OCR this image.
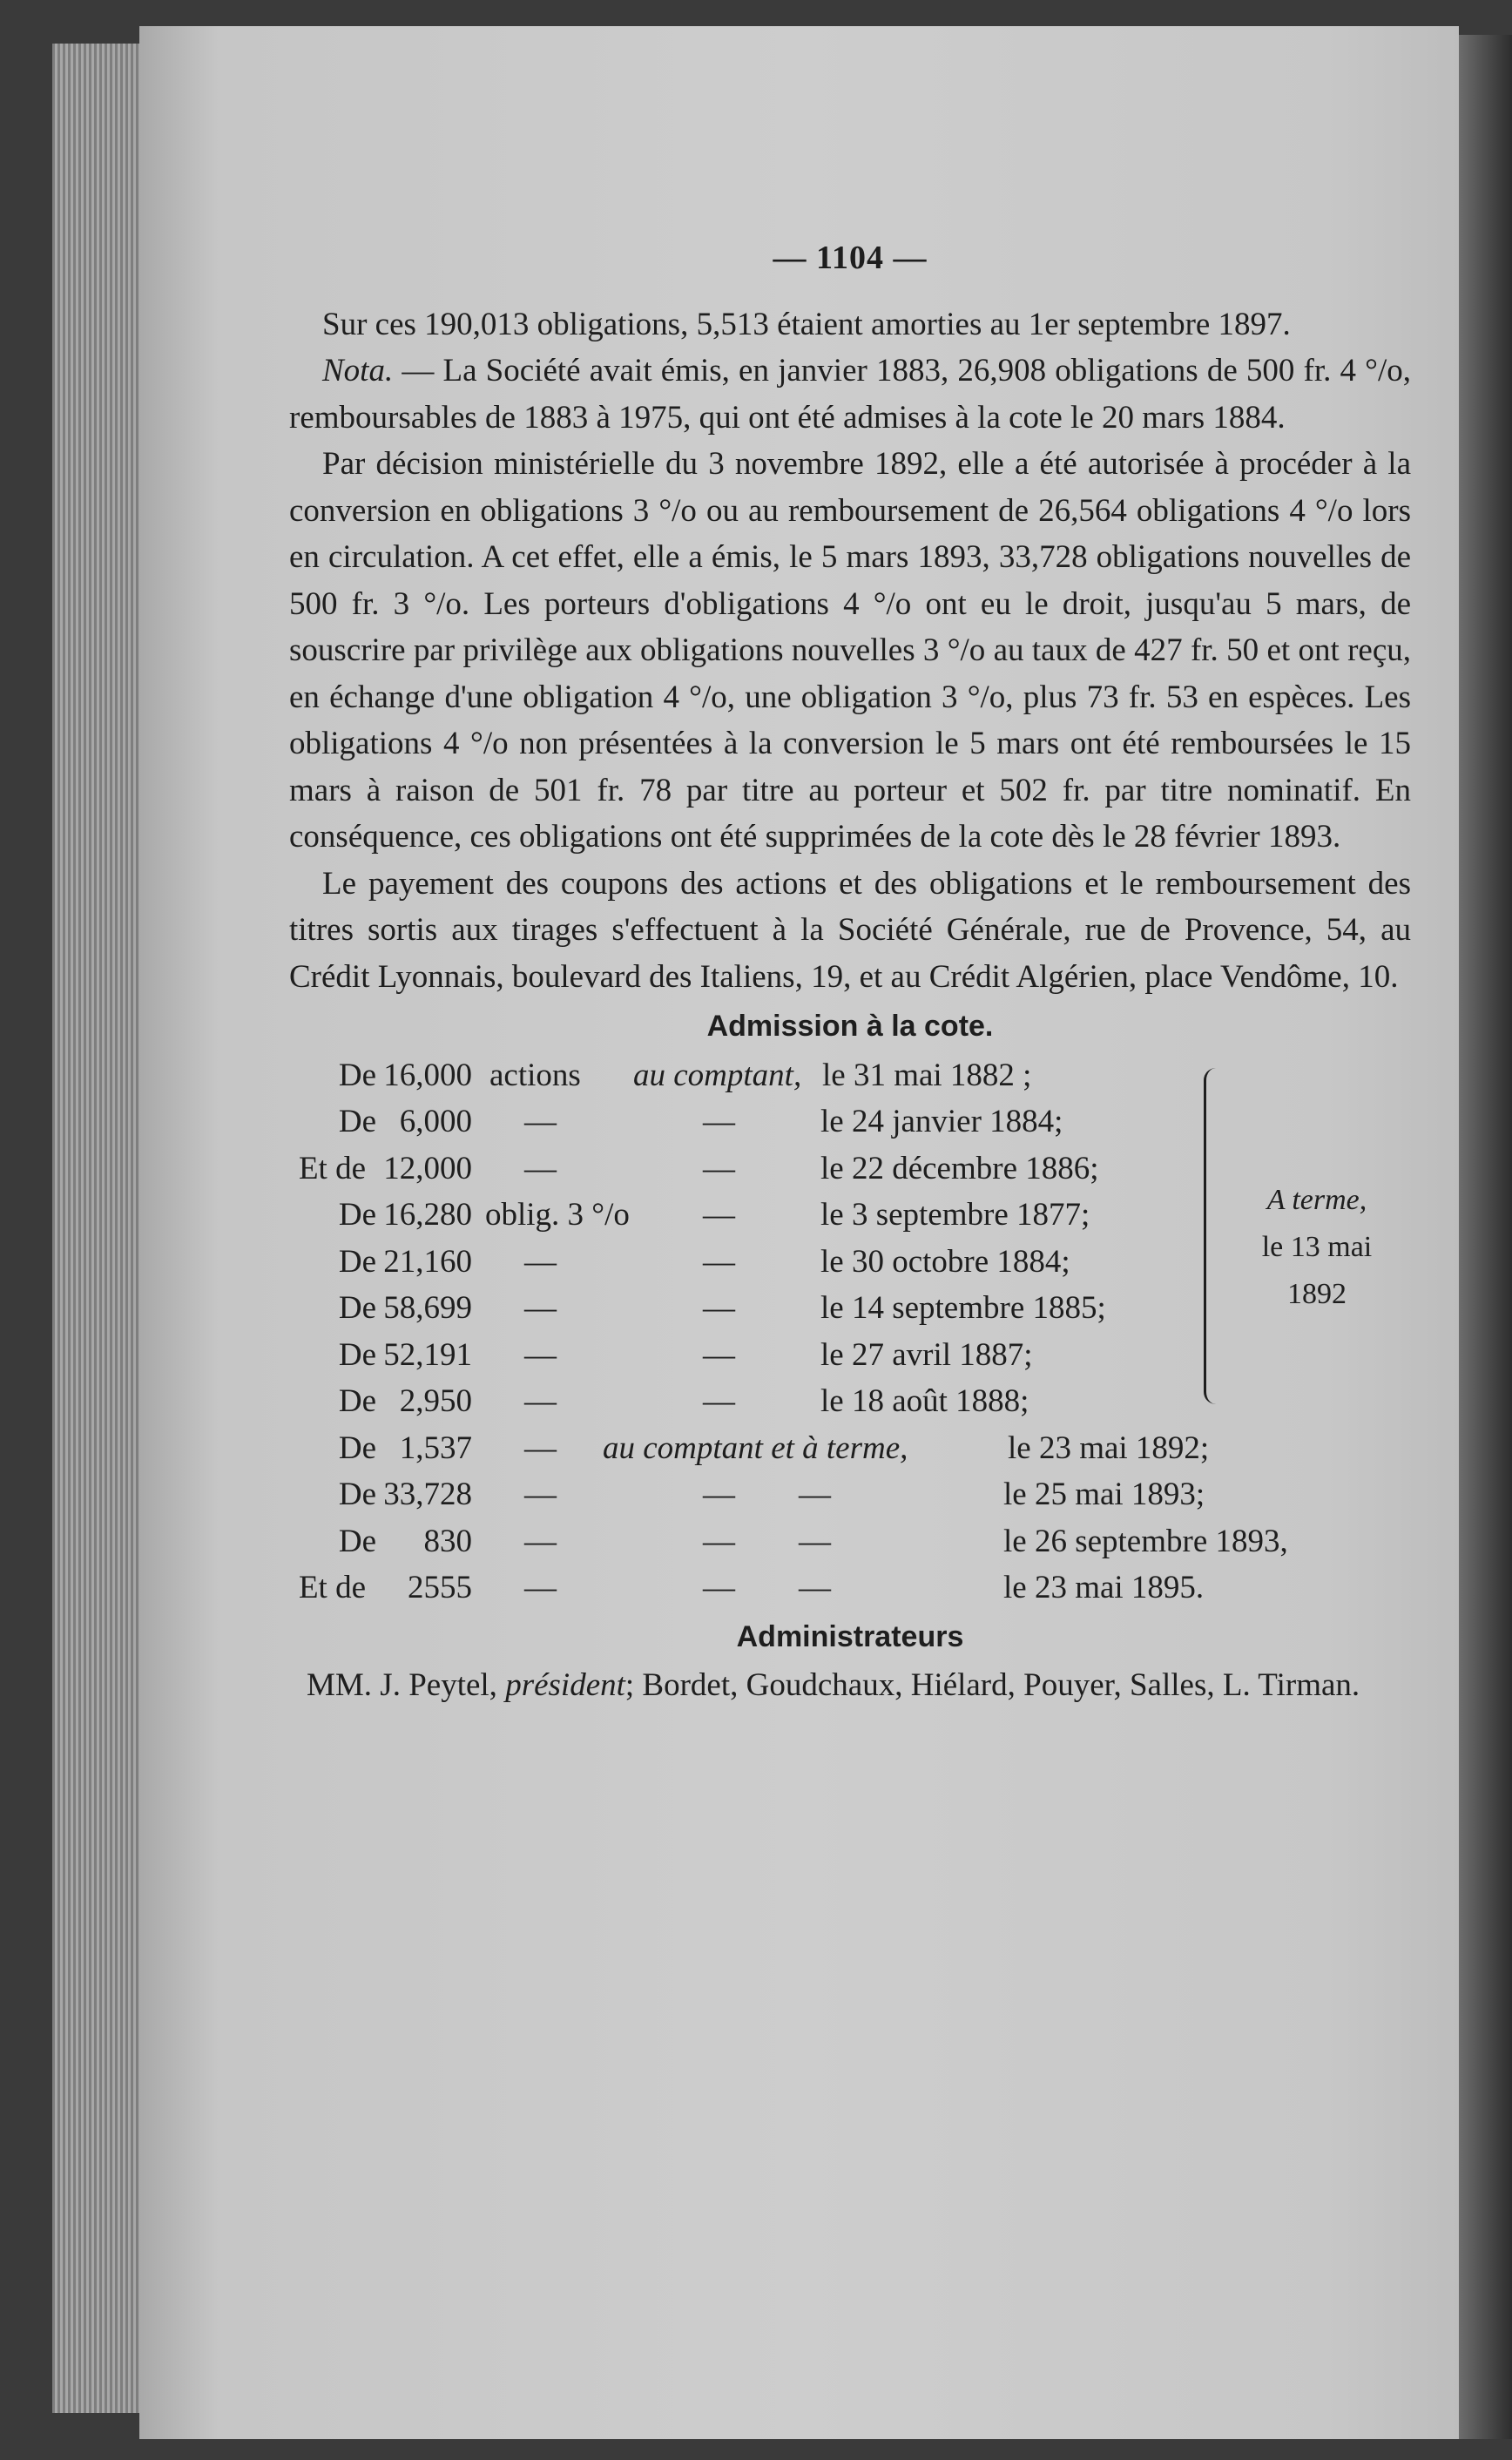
— 1104 —

Sur ces 190,013 obligations, 5,513 étaient amorties au 1er septembre 1897.

Nota. — La Société avait émis, en janvier 1883, 26,908 obligations de 500 fr. 4 °/o, remboursables de 1883 à 1975, qui ont été admises à la cote le 20 mars 1884.

Par décision ministérielle du 3 novembre 1892, elle a été autorisée à procéder à la conversion en obligations 3 °/o ou au remboursement de 26,564 obligations 4 °/o lors en circulation. A cet effet, elle a émis, le 5 mars 1893, 33,728 obligations nouvelles de 500 fr. 3 °/o. Les porteurs d'obligations 4 °/o ont eu le droit, jusqu'au 5 mars, de souscrire par privilège aux obligations nouvelles 3 °/o au taux de 427 fr. 50 et ont reçu, en échange d'une obligation 4 °/o, une obligation 3 °/o, plus 73 fr. 53 en espèces. Les obligations 4 °/o non présentées à la conversion le 5 mars ont été remboursées le 15 mars à raison de 501 fr. 78 par titre au porteur et 502 fr. par titre nominatif. En conséquence, ces obligations ont été supprimées de la cote dès le 28 février 1893.

Le payement des coupons des actions et des obligations et le remboursement des titres sortis aux tirages s'effectuent à la Société Générale, rue de Provence, 54, au Crédit Lyonnais, boulevard des Italiens, 19, et au Crédit Algérien, place Vendôme, 10.

Admission à la cote.
A terme,
le 13 mai 1892
De 16,000 actions au comptant, le 31 mai 1882 ;
De 6,000 —	—	le 24 janvier 1884;
Et de 12,000 —	—	le 22 décembre 1886;
De 16,280 oblig. 3 °/o —	le 3 septembre 1877;
De 21,160 —	—	le 30 octobre 1884;
De 58,699 —	—	le 14 septembre 1885;
De 52,191 —	—	le 27 avril 1887;
De 2,950 —	—	le 18 août 1888;
De 1,537 — au comptant et à terme,	le 23 mai 1892;
De 33,728 —	— —	le 25 mai 1893;
De	830 —	— —	le 26 septembre 1893,
Et de	2555 —	— —	le 23 mai 1895.
Administrateurs

MM. J. Peytel, président; Bordet, Goudchaux, Hiélard, Pouyer, Salles, L. Tirman.
